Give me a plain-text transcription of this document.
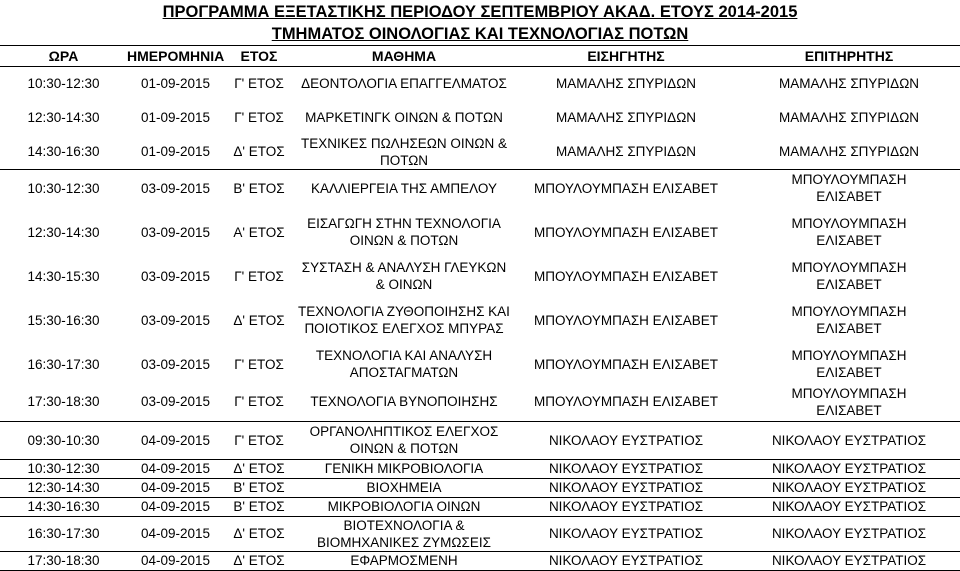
ΠΡΟΓΡΑΜΜΑ ΕΞΕΤΑΣΤΙΚΗΣ ΠΕΡΙΟΔΟΥ ΣΕΠΤΕΜΒΡΙΟΥ ΑΚΑΔ. ΕΤΟΥΣ 2014-2015
ΤΜΗΜΑΤΟΣ ΟΙΝΟΛΟΓΙΑΣ ΚΑΙ ΤΕΧΝΟΛΟΓΙΑΣ ΠΟΤΩΝ
ΩΡΑ	ΗΜΕΡΟΜΗΝΙΑ	ΕΤΟΣ	ΜΑΘΗΜΑ	ΕΙΣΗΓΗΤΗΣ	ΕΠΙΤΗΡΗΤΗΣ
10:30-12:30	01-09-2015	Γ' ΕΤΟΣ	ΔΕΟΝΤΟΛΟΓΙΑ ΕΠΑΓΓΕΛΜΑΤΟΣ	ΜΑΜΑΛΗΣ ΣΠΥΡΙΔΩΝ	ΜΑΜΑΛΗΣ ΣΠΥΡΙΔΩΝ
12:30-14:30	01-09-2015	Γ' ΕΤΟΣ	ΜΑΡΚΕΤΙΝΓΚ ΟΙΝΩΝ & ΠΟΤΩΝ	ΜΑΜΑΛΗΣ ΣΠΥΡΙΔΩΝ	ΜΑΜΑΛΗΣ ΣΠΥΡΙΔΩΝ
14:30-16:30	01-09-2015	Δ' ΕΤΟΣ	ΤΕΧΝΙΚΕΣ ΠΩΛΗΣΕΩΝ ΟΙΝΩΝ & ΠΟΤΩΝ	ΜΑΜΑΛΗΣ ΣΠΥΡΙΔΩΝ	ΜΑΜΑΛΗΣ ΣΠΥΡΙΔΩΝ
10:30-12:30	03-09-2015	Β' ΕΤΟΣ	ΚΑΛΛΙΕΡΓΕΙΑ ΤΗΣ ΑΜΠΕΛΟΥ	ΜΠΟΥΛΟΥΜΠΑΣΗ ΕΛΙΣΑΒΕΤ	ΜΠΟΥΛΟΥΜΠΑΣΗ ΕΛΙΣΑΒΕΤ

12:30-14:30	03-09-2015	Α' ΕΤΟΣ	ΕΙΣΑΓΩΓΗ ΣΤΗΝ ΤΕΧΝΟΛΟΓΙΑ ΟΙΝΩΝ & ΠΟΤΩΝ	ΜΠΟΥΛΟΥΜΠΑΣΗ ΕΛΙΣΑΒΕΤ	ΜΠΟΥΛΟΥΜΠΑΣΗ ΕΛΙΣΑΒΕΤ

14:30-15:30	03-09-2015	Γ' ΕΤΟΣ	ΣΥΣΤΑΣΗ & ΑΝΑΛΥΣΗ ΓΛΕΥΚΩΝ & ΟΙΝΩΝ	ΜΠΟΥΛΟΥΜΠΑΣΗ ΕΛΙΣΑΒΕΤ	ΜΠΟΥΛΟΥΜΠΑΣΗ ΕΛΙΣΑΒΕΤ

15:30-16:30	03-09-2015	Δ' ΕΤΟΣ	ΤΕΧΝΟΛΟΓΙΑ ΖΥΘΟΠΟΙΗΣΗΣ ΚΑΙ ΠΟΙΟΤΙΚΟΣ ΕΛΕΓΧΟΣ ΜΠΥΡΑΣ	ΜΠΟΥΛΟΥΜΠΑΣΗ ΕΛΙΣΑΒΕΤ	ΜΠΟΥΛΟΥΜΠΑΣΗ ΕΛΙΣΑΒΕΤ

16:30-17:30	03-09-2015	Γ' ΕΤΟΣ	ΤΕΧΝΟΛΟΓΙΑ ΚΑΙ ΑΝΑΛΥΣΗ ΑΠΟΣΤΑΓΜΑΤΩΝ	ΜΠΟΥΛΟΥΜΠΑΣΗ ΕΛΙΣΑΒΕΤ	ΜΠΟΥΛΟΥΜΠΑΣΗ ΕΛΙΣΑΒΕΤ

17:30-18:30	03-09-2015	Γ' ΕΤΟΣ	ΤΕΧΝΟΛΟΓΙΑ ΒΥΝΟΠΟΙΗΣΗΣ	ΜΠΟΥΛΟΥΜΠΑΣΗ ΕΛΙΣΑΒΕΤ	ΜΠΟΥΛΟΥΜΠΑΣΗ ΕΛΙΣΑΒΕΤ

09:30-10:30	04-09-2015	Γ' ΕΤΟΣ	ΟΡΓΑΝΟΛΗΠΤΙΚΟΣ ΕΛΕΓΧΟΣ ΟΙΝΩΝ & ΠΟΤΩΝ	ΝΙΚΟΛΑΟΥ ΕΥΣΤΡΑΤΙΟΣ	ΝΙΚΟΛΑΟΥ ΕΥΣΤΡΑΤΙΟΣ
10:30-12:30	04-09-2015	Δ' ΕΤΟΣ	ΓΕΝΙΚΗ ΜΙΚΡΟΒΙΟΛΟΓΙΑ	ΝΙΚΟΛΑΟΥ ΕΥΣΤΡΑΤΙΟΣ	ΝΙΚΟΛΑΟΥ ΕΥΣΤΡΑΤΙΟΣ
12:30-14:30	04-09-2015	Β' ΕΤΟΣ	ΒΙΟΧΗΜΕΙΑ	ΝΙΚΟΛΑΟΥ ΕΥΣΤΡΑΤΙΟΣ	ΝΙΚΟΛΑΟΥ ΕΥΣΤΡΑΤΙΟΣ
14:30-16:30	04-09-2015	Β' ΕΤΟΣ	ΜΙΚΡΟΒΙΟΛΟΓΙΑ ΟΙΝΩΝ	ΝΙΚΟΛΑΟΥ ΕΥΣΤΡΑΤΙΟΣ	ΝΙΚΟΛΑΟΥ ΕΥΣΤΡΑΤΙΟΣ
16:30-17:30	04-09-2015	Δ' ΕΤΟΣ	ΒΙΟΤΕΧΝΟΛΟΓΙΑ & ΒΙΟΜΗΧΑΝΙΚΕΣ ΖΥΜΩΣΕΙΣ	ΝΙΚΟΛΑΟΥ ΕΥΣΤΡΑΤΙΟΣ	ΝΙΚΟΛΑΟΥ ΕΥΣΤΡΑΤΙΟΣ
17:30-18:30	04-09-2015	Δ' ΕΤΟΣ	ΕΦΑΡΜΟΣΜΕΝΗ	ΝΙΚΟΛΑΟΥ ΕΥΣΤΡΑΤΙΟΣ	ΝΙΚΟΛΑΟΥ ΕΥΣΤΡΑΤΙΟΣ
